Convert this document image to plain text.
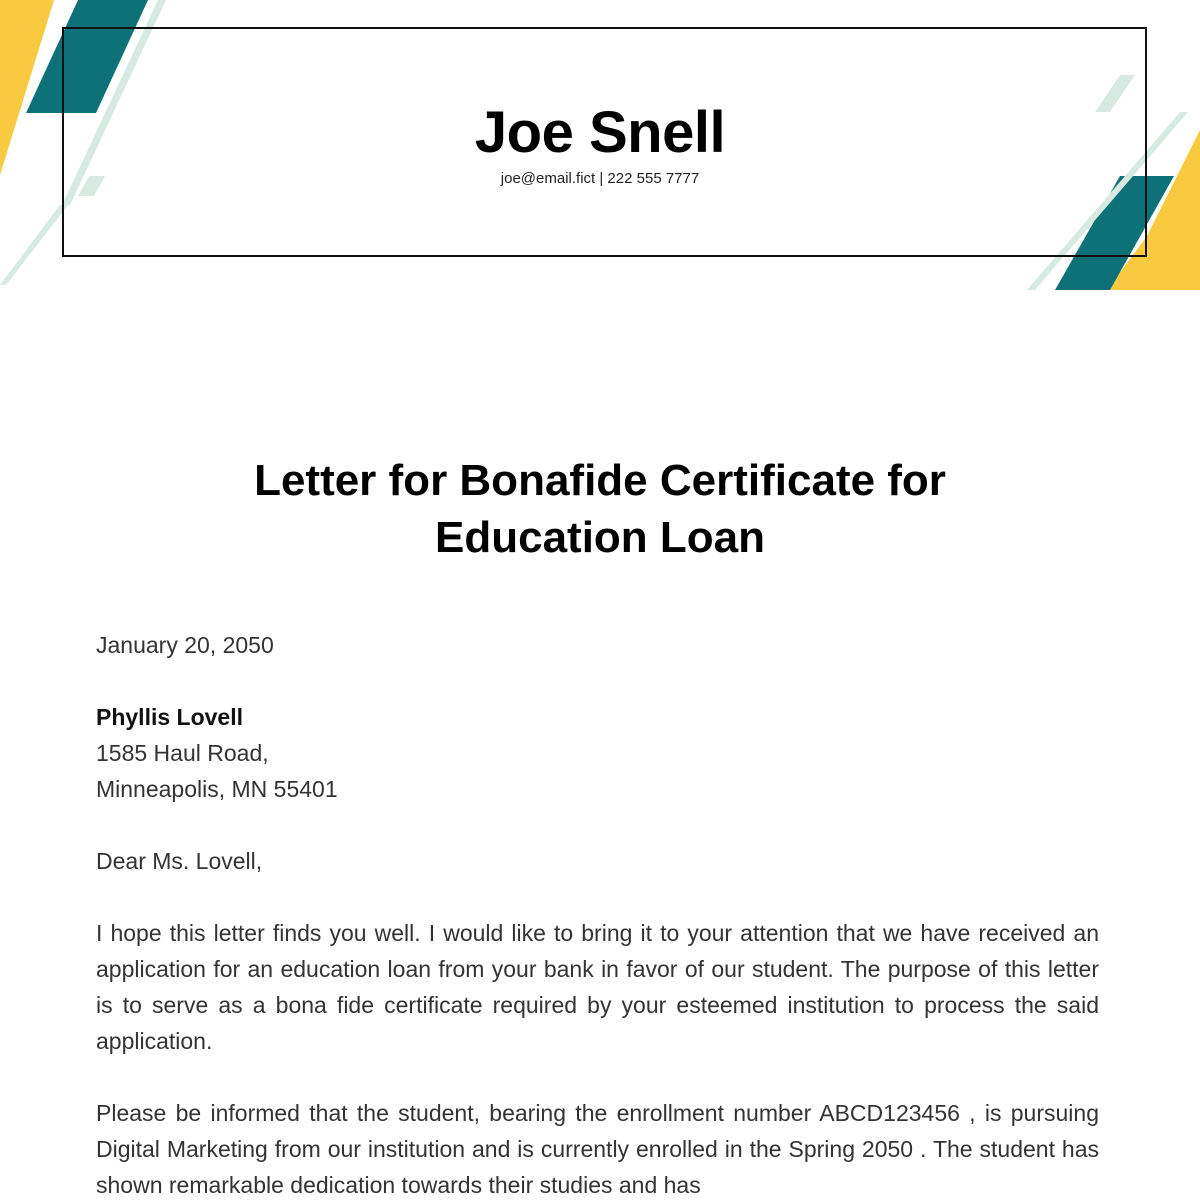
Joe Snell
joe@email.fict | 222 555 7777
Letter for Bonafide Certificate for Education Loan
January 20, 2050
Phyllis Lovell
1585 Haul Road,
Minneapolis, MN 55401
Dear Ms. Lovell,
I hope this letter finds you well. I would like to bring it to your attention that we have received an application for an education loan from your bank in favor of our student. The purpose of this letter is to serve as a bona fide certificate required by your esteemed institution to process the said application.
Please be informed that the student, bearing the enrollment number ABCD123456 , is pursuing Digital Marketing from our institution and is currently enrolled in the Spring 2050 . The student has shown remarkable dedication towards their studies and has
